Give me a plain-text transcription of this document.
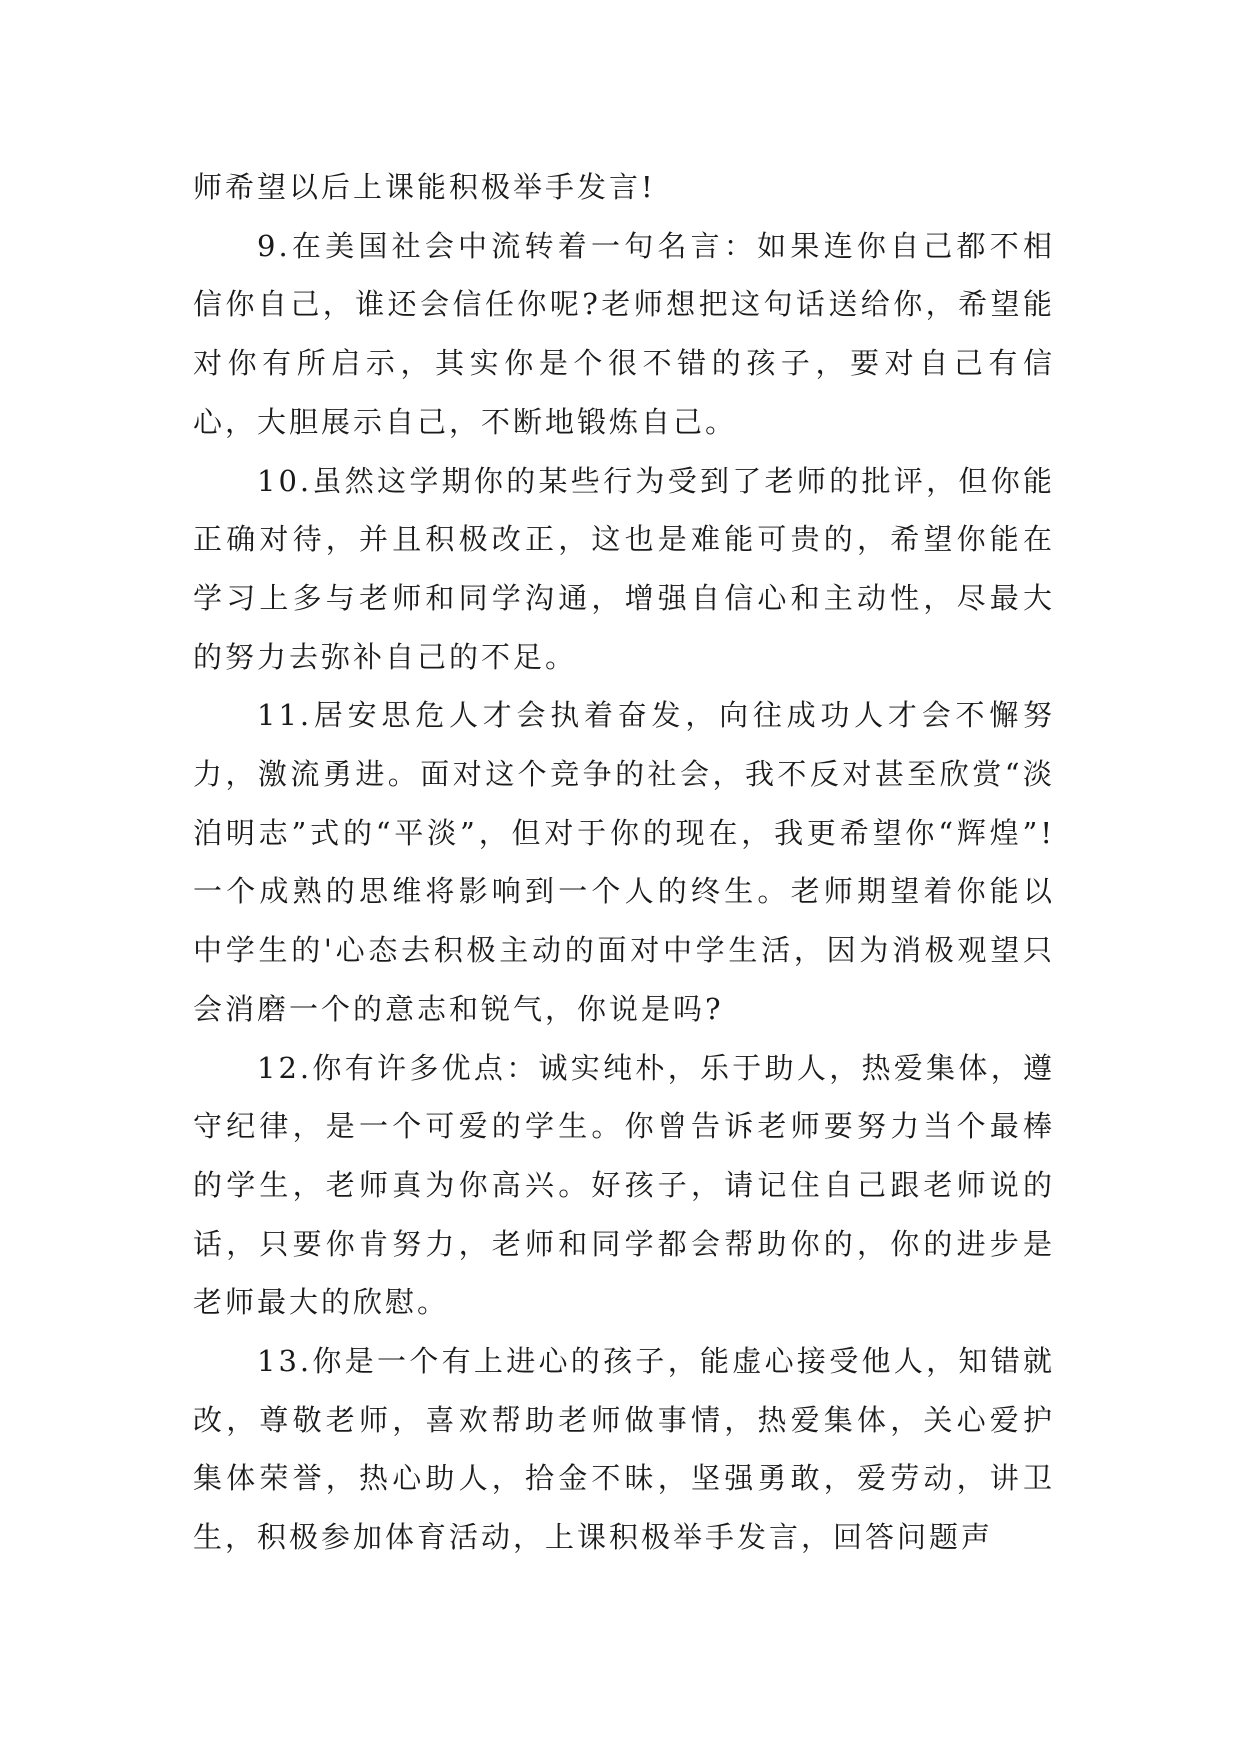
师希望以后上课能积极举手发言!

9.在美国社会中流转着一句名言：如果连你自己都不相信你自己，谁还会信任你呢?老师想把这句话送给你，希望能对你有所启示，其实你是个很不错的孩子，要对自己有信心，大胆展示自己，不断地锻炼自己。

10.虽然这学期你的某些行为受到了老师的批评，但你能正确对待，并且积极改正，这也是难能可贵的，希望你能在学习上多与老师和同学沟通，增强自信心和主动性，尽最大的努力去弥补自己的不足。

11.居安思危人才会执着奋发，向往成功人才会不懈努力，激流勇进。面对这个竞争的社会，我不反对甚至欣赏“淡泊明志”式的“平淡”，但对于你的现在，我更希望你“辉煌”!一个成熟的思维将影响到一个人的终生。老师期望着你能以中学生的'心态去积极主动的面对中学生活，因为消极观望只会消磨一个的意志和锐气，你说是吗?

12.你有许多优点：诚实纯朴，乐于助人，热爱集体，遵守纪律，是一个可爱的学生。你曾告诉老师要努力当个最棒的学生，老师真为你高兴。好孩子，请记住自己跟老师说的话，只要你肯努力，老师和同学都会帮助你的，你的进步是老师最大的欣慰。

13.你是一个有上进心的孩子，能虚心接受他人，知错就改，尊敬老师，喜欢帮助老师做事情，热爱集体，关心爱护集体荣誉，热心助人，拾金不昧，坚强勇敢，爱劳动，讲卫生，积极参加体育活动，上课积极举手发言，回答问题声
